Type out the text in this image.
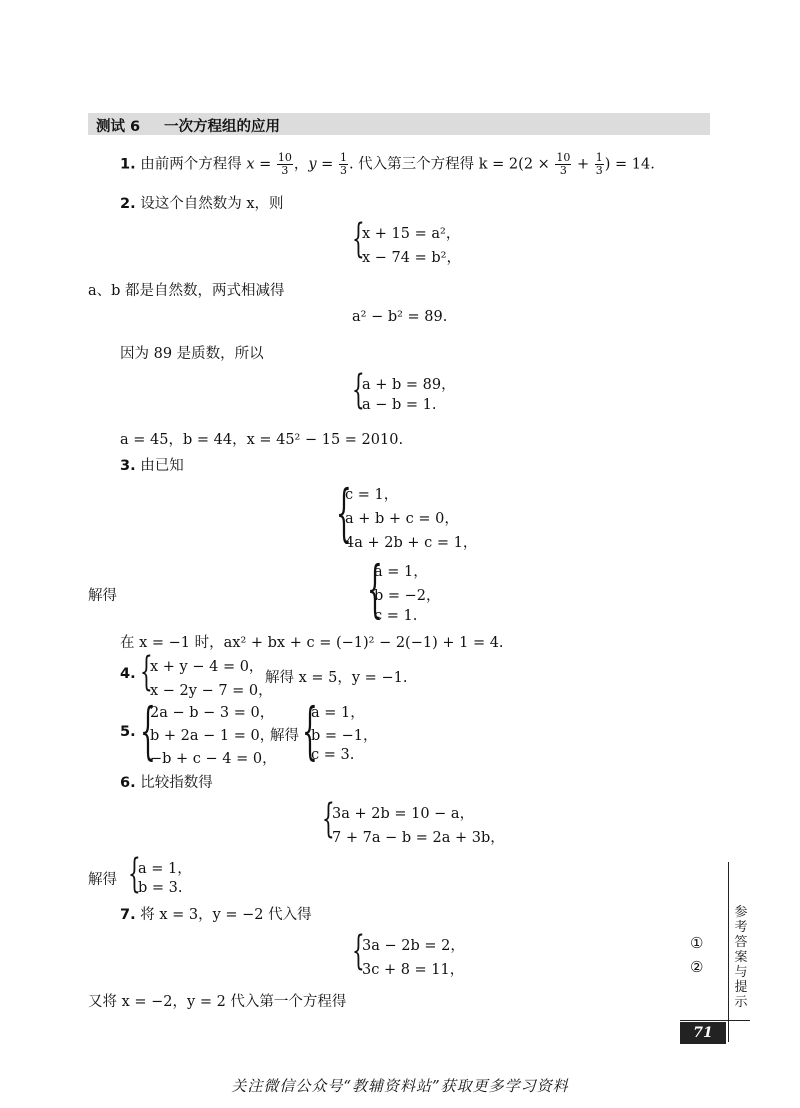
测试 6 一次方程组的应用
1. 由前两个方程得 $x = \frac{10}{3}$ ，$y = \frac{1}{3}$ . 代入第三个方程得 $k = 2(2 \times \frac{10}{3} + \frac{1}{3}$ ) = 14.
2. 设这个自然数为 x，则
{
x + 15 = a²，
x − 74 = b²，
a、b 都是自然数，两式相减得
a² − b² = 89.
因为 89 是质数，所以
{
a + b = 89，
a − b = 1.
a = 45，b = 44，x = 45² − 15 = 2010.
3. 由已知
{
c = 1，
a + b + c = 0，
4a + 2b + c = 1，
解得	{
a = 1，
b = −2，
c = 1.
在 x = −1 时，ax² + bx + c = (−1)² − 2(−1) + 1 = 4.
4. {
x + y − 4 = 0，
x − 2y − 7 = 0，
解得 x = 5，y = −1.
5. {
2a − b − 3 = 0，
b + 2a − 1 = 0，
−b + c − 4 = 0，
解得 {
a = 1，
b = −1，
c = 3.
6. 比较指数得
{
3a + 2b = 10 − a，
7 + 7a − b = 2a + 3b，
解得 {
a = 1，
b = 3.
7. 将 x = 3，y = −2 代入得
{
3a − 2b = 2，
3c + 8 = 11，
①
②
又将 x = −2，y = 2 代入第一个方程得
参考答案与提示
71
关注微信公众号“教辅资料站”获取更多学习资料
